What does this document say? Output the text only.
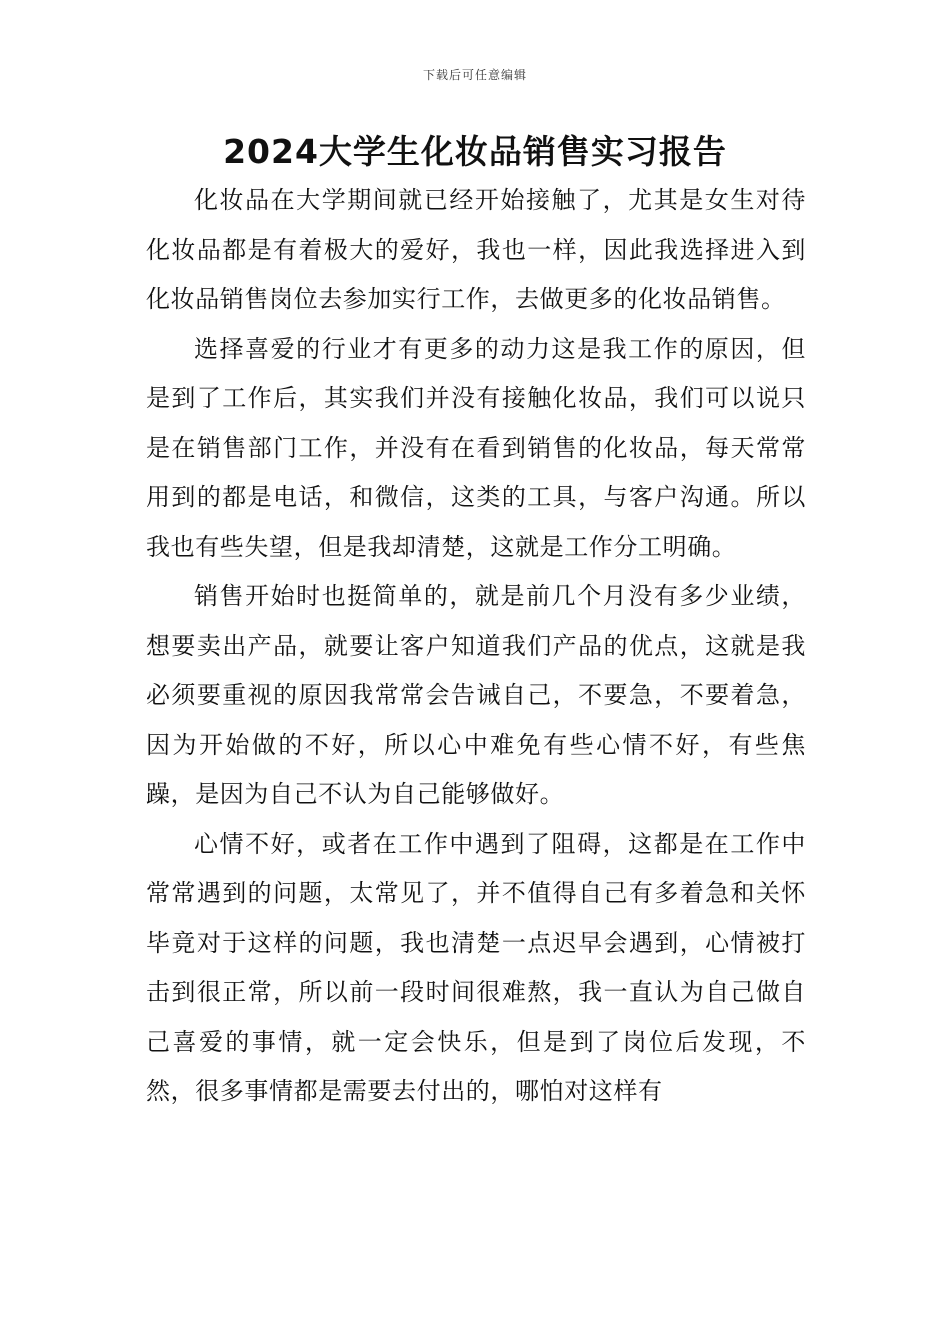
下载后可任意编辑
2024大学生化妆品销售实习报告

化妆品在大学期间就已经开始接触了，尤其是女生对待化妆品都是有着极大的爱好，我也一样，因此我选择进入到化妆品销售岗位去参加实行工作，去做更多的化妆品销售。

选择喜爱的行业才有更多的动力这是我工作的原因，但是到了工作后，其实我们并没有接触化妆品，我们可以说只是在销售部门工作，并没有在看到销售的化妆品，每天常常用到的都是电话，和微信，这类的工具，与客户沟通。所以我也有些失望，但是我却清楚，这就是工作分工明确。

销售开始时也挺简单的，就是前几个月没有多少业绩，想要卖出产品，就要让客户知道我们产品的优点，这就是我必须要重视的原因我常常会告诫自己，不要急，不要着急，因为开始做的不好，所以心中难免有些心情不好，有些焦躁，是因为自己不认为自己能够做好。

心情不好，或者在工作中遇到了阻碍，这都是在工作中常常遇到的问题，太常见了，并不值得自己有多着急和关怀毕竟对于这样的问题，我也清楚一点迟早会遇到，心情被打击到很正常，所以前一段时间很难熬，我一直认为自己做自己喜爱的事情，就一定会快乐，但是到了岗位后发现，不然，很多事情都是需要去付出的，哪怕对这样有
